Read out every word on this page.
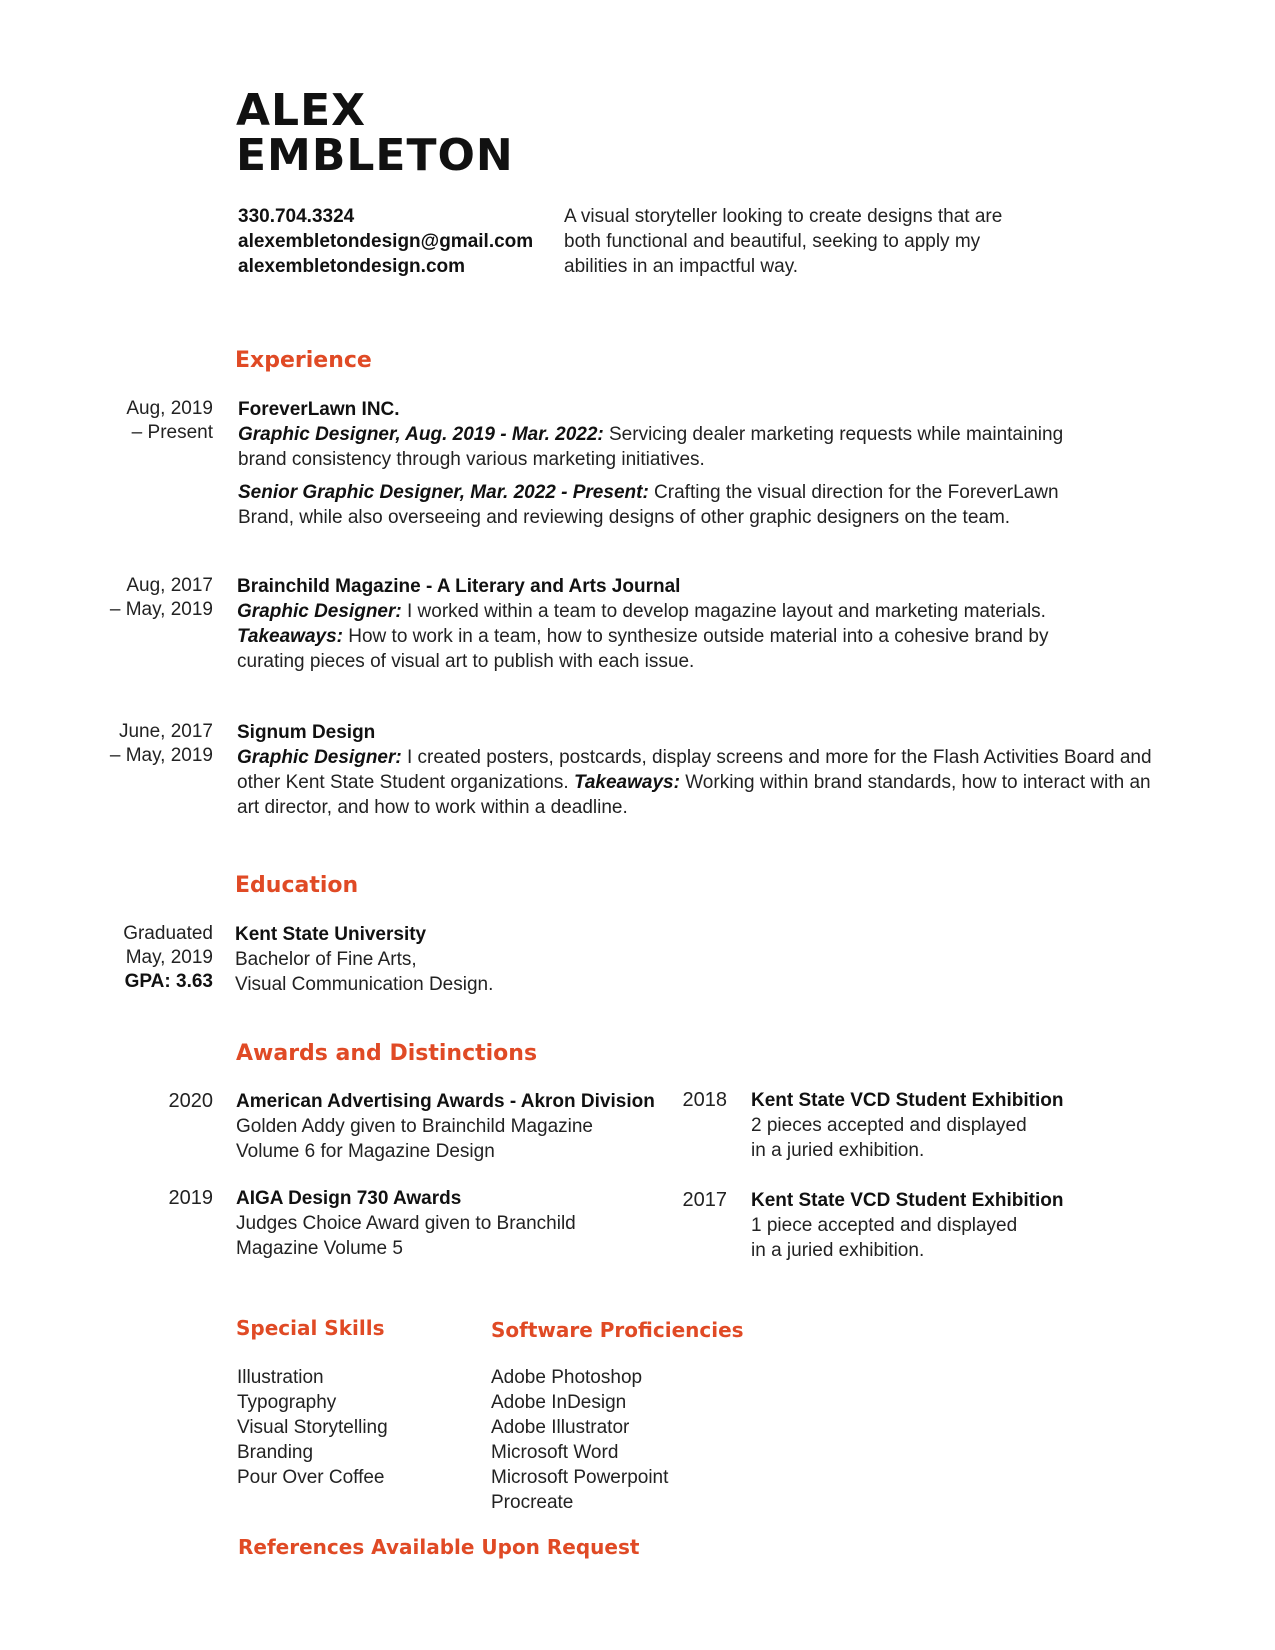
ALEX
EMBLETON
330.704.3324
alexembletondesign@gmail.com
alexembletondesign.com
A visual storyteller looking to create designs that are both functional and beautiful, seeking to apply my abilities in an impactful way.
Experience
Aug, 2019
– Present

ForeverLawn INC.

Graphic Designer, Aug. 2019 - Mar. 2022: Servicing dealer marketing requests while maintaining brand consistency through various marketing initiatives.

Senior Graphic Designer, Mar. 2022 - Present: Crafting the visual direction for the ForeverLawn Brand, while also overseeing and reviewing designs of other graphic designers on the team.

Aug, 2017
– May, 2019

Brainchild Magazine - A Literary and Arts Journal

Graphic Designer: I worked within a team to develop magazine layout and marketing materials.

Takeaways: How to work in a team, how to synthesize outside material into a cohesive brand by curating pieces of visual art to publish with each issue.

June, 2017
– May, 2019

Signum Design

Graphic Designer: I created posters, postcards, display screens and more for the Flash Activities Board and other Kent State Student organizations. Takeaways: Working within brand standards, how to interact with an art director, and how to work within a deadline.

Education
Graduated
May, 2019
GPA: 3.63

Kent State University

Bachelor of Fine Arts,

Visual Communication Design.

Awards and Distinctions
2020 American Advertising Awards - Akron Division
Golden Addy given to Brainchild Magazine
Volume 6 for Magazine Design
2019 AIGA Design 730 Awards
Judges Choice Award given to Branchild
Magazine Volume 5
2018 Kent State VCD Student Exhibition
2 pieces accepted and displayed
in a juried exhibition.
2017 Kent State VCD Student Exhibition
1 piece accepted and displayed
in a juried exhibition.
Special Skills
Illustration
Typography
Visual Storytelling
Branding
Pour Over Coffee
Software Proficiencies
Adobe Photoshop
Adobe InDesign
Adobe Illustrator
Microsoft Word
Microsoft Powerpoint
Procreate
References Available Upon Request
